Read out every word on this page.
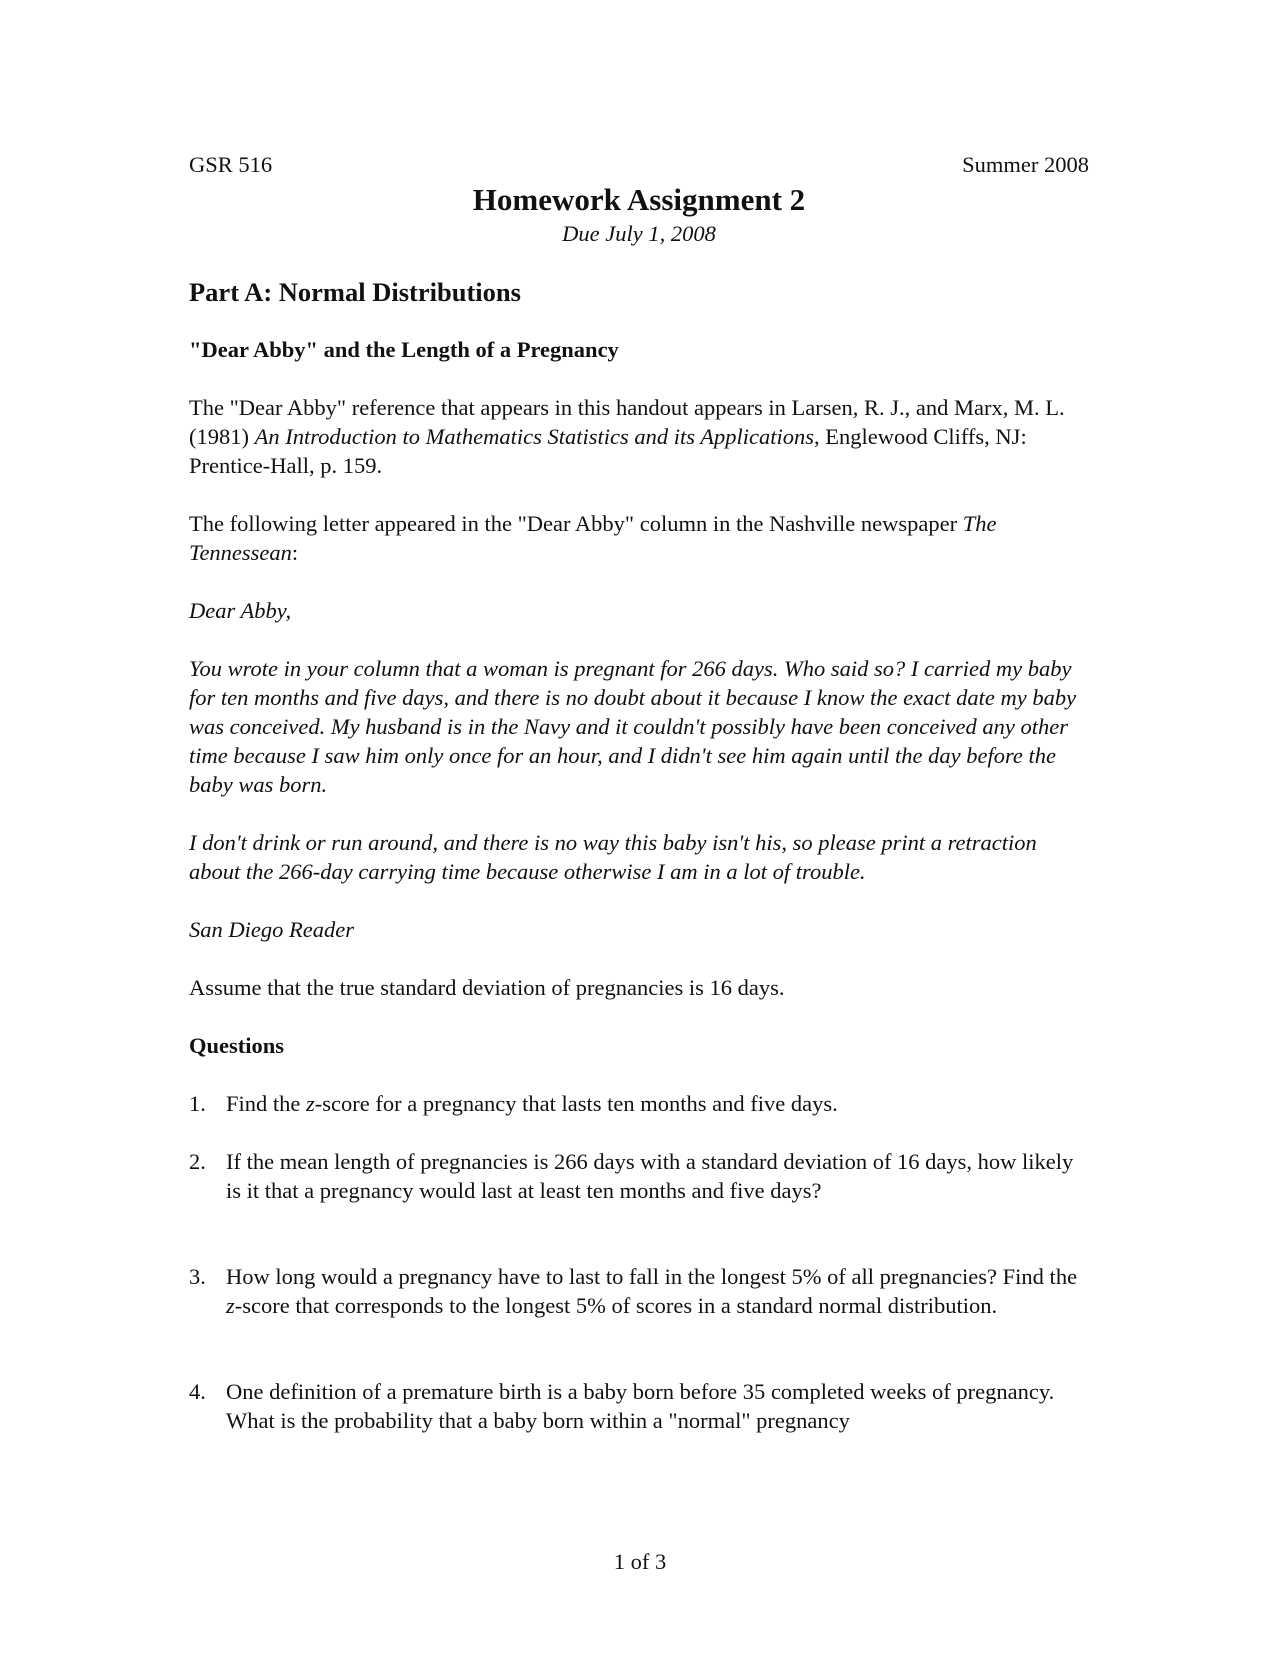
GSR 516	Summer 2008
Homework Assignment 2
Due July 1, 2008
Part A: Normal Distributions
"Dear Abby" and the Length of a Pregnancy

The "Dear Abby" reference that appears in this handout appears in Larsen, R. J., and Marx, M. L. (1981) An Introduction to Mathematics Statistics and its Applications, Englewood Cliffs, NJ: Prentice-Hall, p. 159.

The following letter appeared in the "Dear Abby" column in the Nashville newspaper The Tennessean:

Dear Abby,

You wrote in your column that a woman is pregnant for 266 days. Who said so? I carried my baby for ten months and five days, and there is no doubt about it because I know the exact date my baby was conceived. My husband is in the Navy and it couldn't possibly have been conceived any other time because I saw him only once for an hour, and I didn't see him again until the day before the baby was born.

I don't drink or run around, and there is no way this baby isn't his, so please print a retraction about the 266-day carrying time because otherwise I am in a lot of trouble.

San Diego Reader

Assume that the true standard deviation of pregnancies is 16 days.

Questions
1. Find the z-score for a pregnancy that lasts ten months and five days.
2. If the mean length of pregnancies is 266 days with a standard deviation of 16 days, how likely is it that a pregnancy would last at least ten months and five days?
3. How long would a pregnancy have to last to fall in the longest 5% of all pregnancies? Find the z-score that corresponds to the longest 5% of scores in a standard normal distribution.
4. One definition of a premature birth is a baby born before 35 completed weeks of pregnancy. What is the probability that a baby born within a "normal" pregnancy
1 of 3
